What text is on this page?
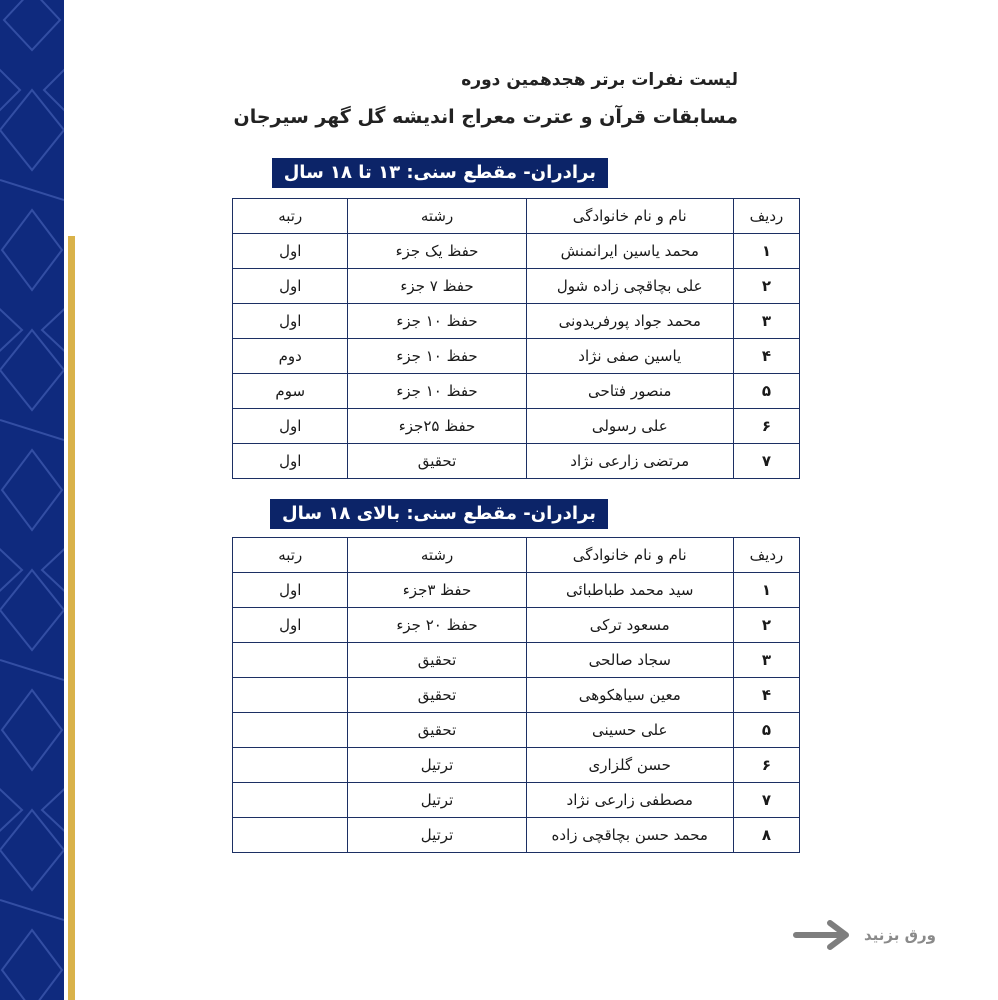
لیست نفرات برتر هجدهمین دوره
مسابقات قرآن و عترت معراج اندیشه گل گهر سیرجان
برادران- مقطع سنی: ۱۳ تا ۱۸ سال
ردیف	نام و نام خانوادگی	رشته	رتبه
۱	محمد یاسین ایرانمنش	حفظ یک جزء	اول
۲	علی بچاقچی زاده شول	حفظ ۷ جزء	اول
۳	محمد جواد پورفریدونی	حفظ ۱۰ جزء	اول
۴	یاسین صفی نژاد	حفظ ۱۰ جزء	دوم
۵	منصور فتاحی	حفظ ۱۰ جزء	سوم
۶	علی رسولی	حفظ ۲۵جزء	اول
۷	مرتضی زارعی نژاد	تحقیق	اول
برادران- مقطع سنی: بالای ۱۸ سال
ردیف	نام و نام خانوادگی	رشته	رتبه
۱	سید محمد طباطبائی	حفظ ۳جزء	اول
۲	مسعود ترکی	حفظ ۲۰ جزء	اول
۳	سجاد صالحی	تحقیق	
۴	معین سیاهکوهی	تحقیق	
۵	علی حسینی	تحقیق	
۶	حسن گلزاری	ترتیل	
۷	مصطفی زارعی نژاد	ترتیل	
۸	محمد حسن بچاقچی زاده	ترتیل	
ورق بزنید
